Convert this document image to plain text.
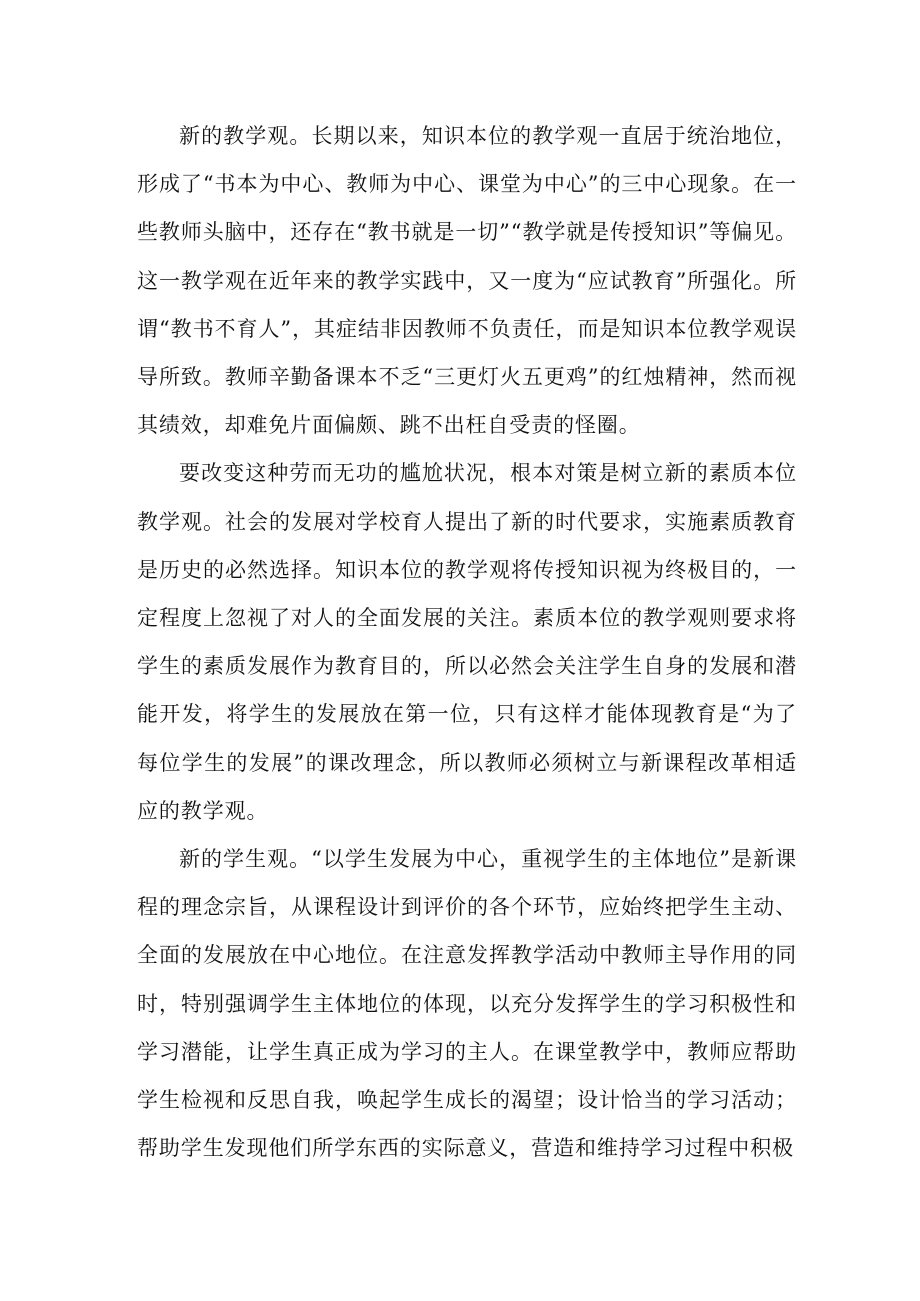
新的教学观。长期以来，知识本位的教学观一直居于统治地位，形成了“书本为中心、教师为中心、课堂为中心”的三中心现象。在一些教师头脑中，还存在“教书就是一切”“教学就是传授知识”等偏见。这一教学观在近年来的教学实践中，又一度为“应试教育”所强化。所谓“教书不育人”，其症结非因教师不负责任，而是知识本位教学观误导所致。教师辛勤备课本不乏“三更灯火五更鸡”的红烛精神，然而视其绩效，却难免片面偏颇、跳不出枉自受责的怪圈。

要改变这种劳而无功的尴尬状况，根本对策是树立新的素质本位教学观。社会的发展对学校育人提出了新的时代要求，实施素质教育是历史的必然选择。知识本位的教学观将传授知识视为终极目的，一定程度上忽视了对人的全面发展的关注。素质本位的教学观则要求将学生的素质发展作为教育目的，所以必然会关注学生自身的发展和潜能开发，将学生的发展放在第一位，只有这样才能体现教育是“为了每位学生的发展”的课改理念，所以教师必须树立与新课程改革相适应的教学观。

新的学生观。“以学生发展为中心，重视学生的主体地位”是新课程的理念宗旨，从课程设计到评价的各个环节，应始终把学生主动、全面的发展放在中心地位。在注意发挥教学活动中教师主导作用的同时，特别强调学生主体地位的体现，以充分发挥学生的学习积极性和学习潜能，让学生真正成为学习的主人。在课堂教学中，教师应帮助学生检视和反思自我，唤起学生成长的渴望；设计恰当的学习活动；帮助学生发现他们所学东西的实际意义，营造和维持学习过程中积极
